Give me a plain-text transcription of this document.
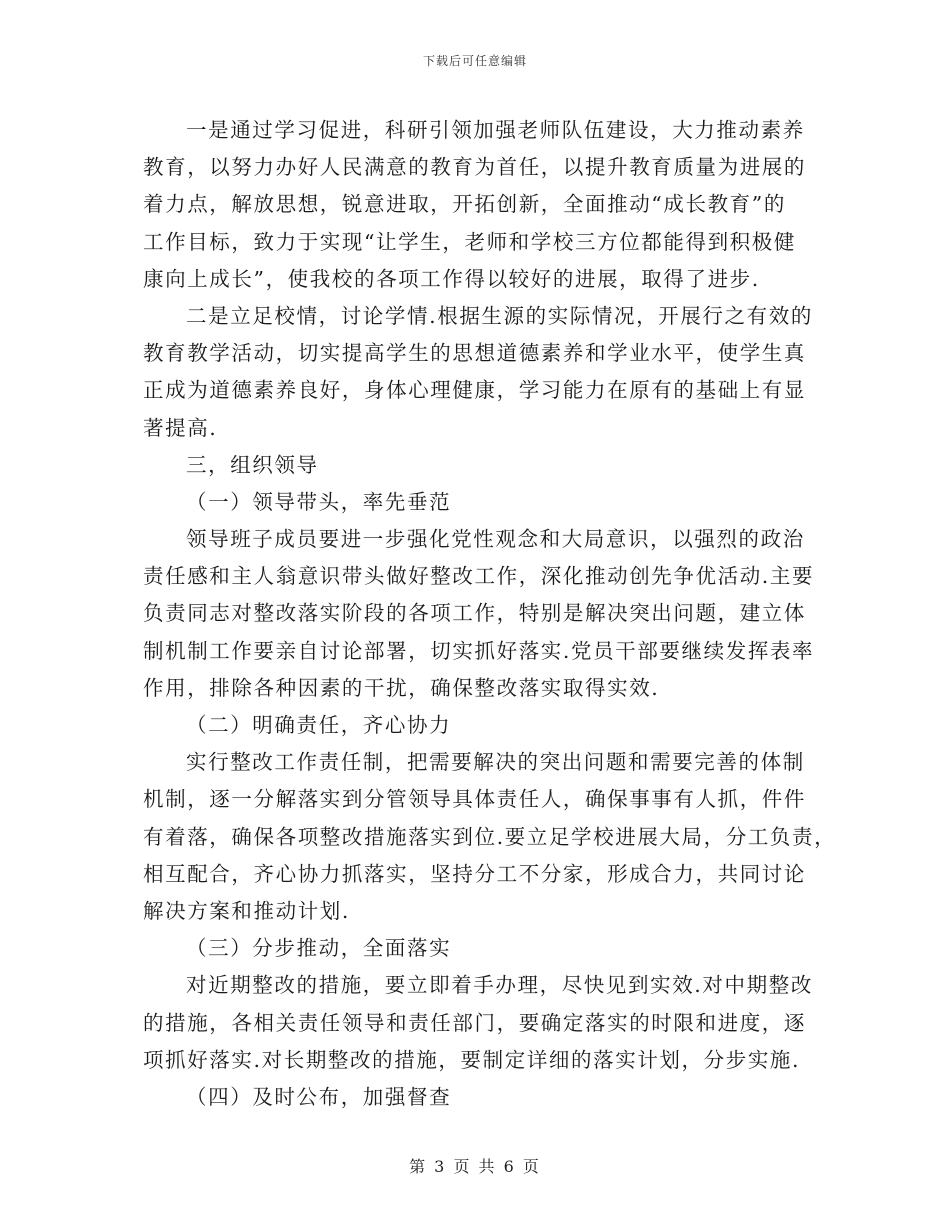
下载后可任意编辑
一是通过学习促进，科研引领加强老师队伍建设，大力推动素养
教育，以努力办好人民满意的教育为首任，以提升教育质量为进展的
着力点，解放思想，锐意进取，开拓创新，全面推动“成长教育”的
工作目标，致力于实现“让学生，老师和学校三方位都能得到积极健
康向上成长”，使我校的各项工作得以较好的进展，取得了进步.
二是立足校情，讨论学情.根据生源的实际情况，开展行之有效的
教育教学活动，切实提高学生的思想道德素养和学业水平，使学生真
正成为道德素养良好，身体心理健康，学习能力在原有的基础上有显
著提高.
三，组织领导
（一）领导带头，率先垂范
领导班子成员要进一步强化党性观念和大局意识，以强烈的政治
责任感和主人翁意识带头做好整改工作，深化推动创先争优活动.主要
负责同志对整改落实阶段的各项工作，特别是解决突出问题，建立体
制机制工作要亲自讨论部署，切实抓好落实.党员干部要继续发挥表率
作用，排除各种因素的干扰，确保整改落实取得实效.
（二）明确责任，齐心协力
实行整改工作责任制，把需要解决的突出问题和需要完善的体制
机制，逐一分解落实到分管领导具体责任人，确保事事有人抓，件件
有着落，确保各项整改措施落实到位.要立足学校进展大局，分工负责，
相互配合，齐心协力抓落实，坚持分工不分家，形成合力，共同讨论
解决方案和推动计划.
（三）分步推动，全面落实
对近期整改的措施，要立即着手办理，尽快见到实效.对中期整改
的措施，各相关责任领导和责任部门，要确定落实的时限和进度，逐
项抓好落实.对长期整改的措施，要制定详细的落实计划，分步实施.
（四）及时公布，加强督查
第 3 页 共 6 页
